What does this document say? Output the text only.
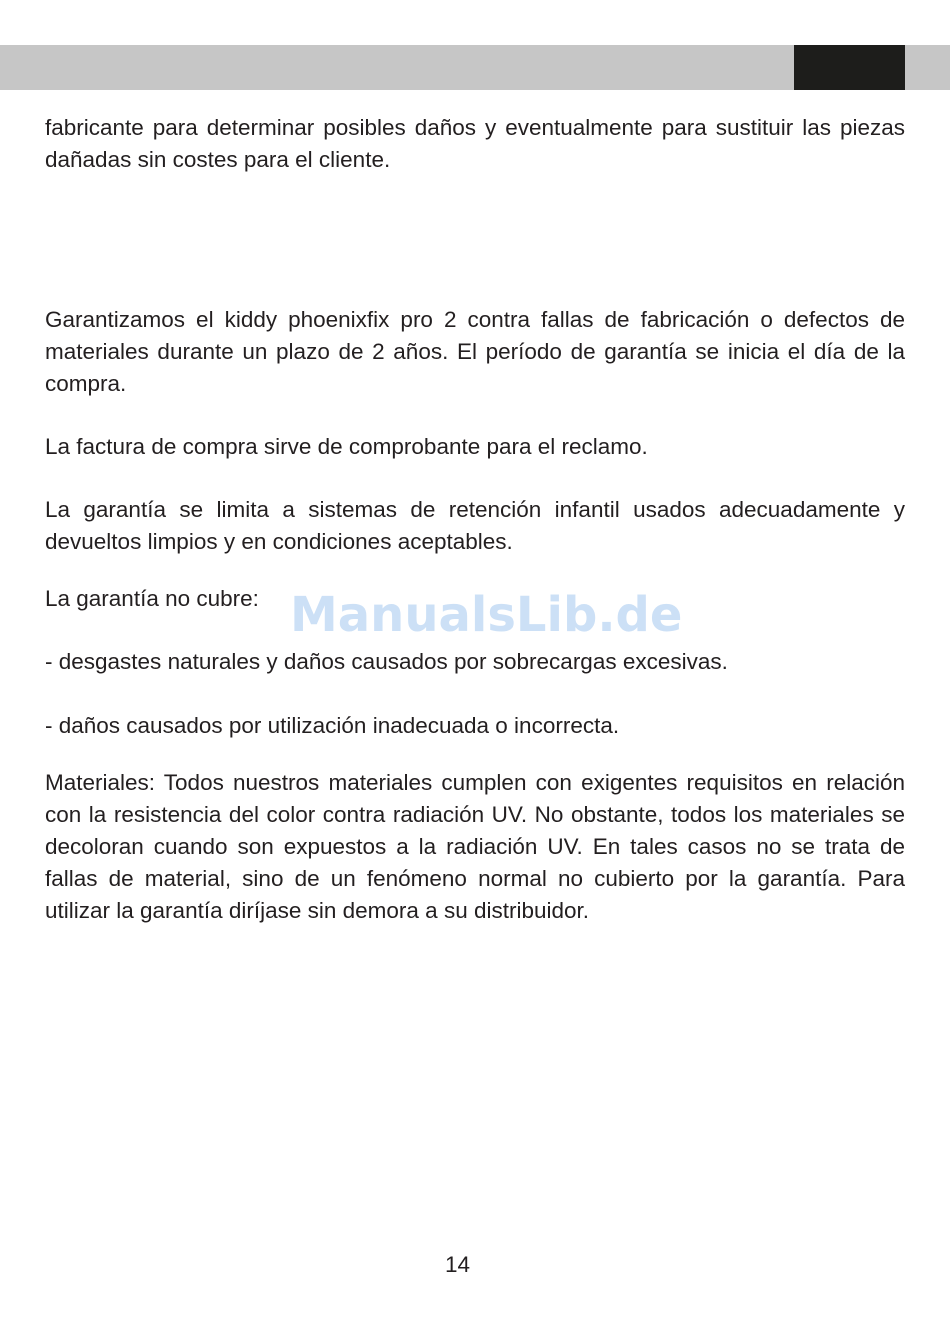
fabricante para determinar posibles daños y eventualmente para sustituir las piezas dañadas sin costes para el cliente.

Garantizamos el kiddy phoenixfix pro 2 contra fallas de fabricación o defectos de materiales durante un plazo de 2 años. El período de garantía se inicia el día de la compra.

La factura de compra sirve de comprobante para el reclamo.

La garantía se limita a sistemas de retención infantil usados adecuadamente y devueltos limpios y en condiciones aceptables.

La garantía no cubre:

- desgastes naturales y daños causados por sobrecargas excesivas.

- daños causados por utilización inadecuada o incorrecta.

Materiales: Todos nuestros materiales cumplen con exigentes requisitos en relación con la resistencia del color contra radiación UV. No obstante, todos los materiales se decoloran cuando son expuestos a la radiación UV. En tales casos no se trata de fallas de material, sino de un fenómeno normal no cubierto por la garantía. Para utilizar la garantía diríjase sin demora a su distribuidor.

ManualsLib.de
14
